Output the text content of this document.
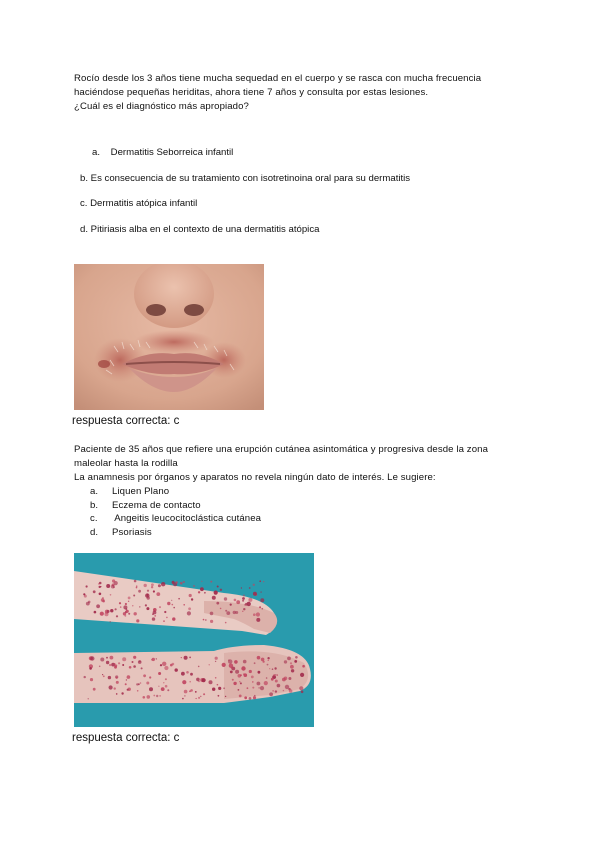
Rocío desde los 3 años tiene mucha sequedad en el cuerpo y se rasca con mucha frecuencia

haciéndose pequeñas heriditas, ahora tiene 7 años y consulta por estas lesiones.

¿Cuál es el diagnóstico más apropiado?

a.    Dermatitis Seborreica infantil
b. Es consecuencia de su tratamiento con isotretinoina oral para su dermatitis
c. Dermatitis atópica infantil
d. Pitiriasis alba en el contexto de una dermatitis atópica
respuesta correcta: c

Paciente de 35 años que refiere una erupción cutánea asintomática y progresiva desde la zona

maleolar hasta la rodilla

La anamnesis por órganos y aparatos no revela ningún dato de interés. Le sugiere:

a. Liquen Plano
b. Eczema de contacto
c. Angeitis leucocitoclástica cutánea
d. Psoriasis
respuesta correcta: c
